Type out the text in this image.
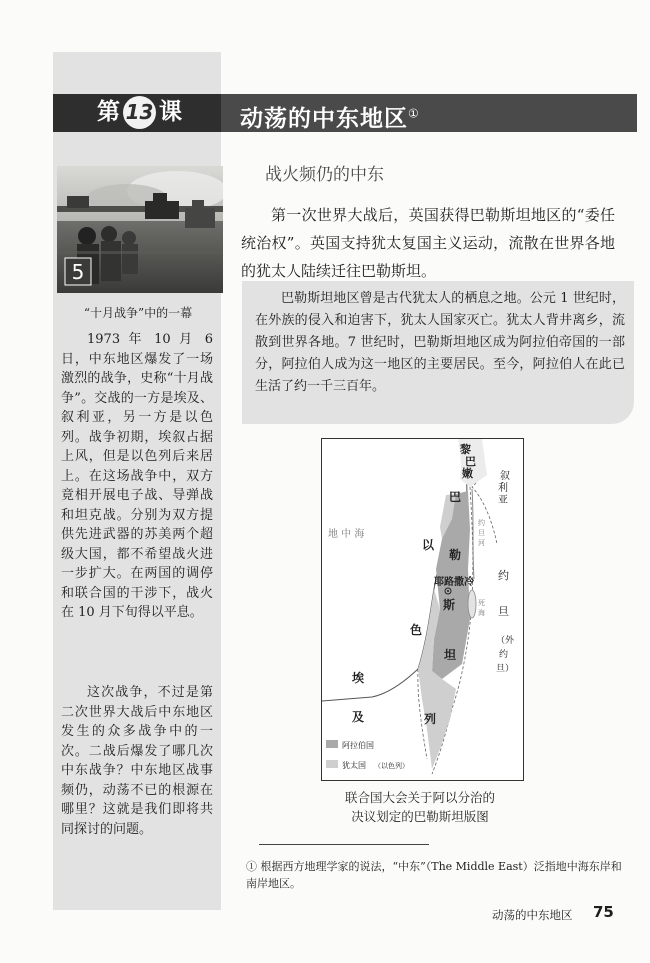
第 13 课	动荡的中东地区①
5
“十月战争”中的一幕

1973 年 10 月 6 日，中东地区爆发了一场激烈的战争，史称“十月战争”。交战的一方是埃及、叙利亚，另一方是以色列。战争初期，埃叙占据上风，但是以色列后来居上。在这场战争中，双方竟相开展电子战、导弹战和坦克战。分别为双方提供先进武器的苏美两个超级大国，都不希望战火进一步扩大。在两国的调停和联合国的干涉下，战火在 10 月下旬得以平息。

这次战争，不过是第二次世界大战后中东地区发生的众多战争中的一次。二战后爆发了哪几次中东战争？中东地区战事频仍，动荡不已的根源在哪里？这就是我们即将共同探讨的问题。

战火频仍的中东

第一次世界大战后，英国获得巴勒斯坦地区的“委任统治权”。英国支持犹太复国主义运动，流散在世界各地的犹太人陆续迁往巴勒斯坦。

巴勒斯坦地区曾是古代犹太人的栖息之地。公元 1 世纪时，在外族的侵入和迫害下，犹太人国家灭亡。犹太人背井离乡，流散到世界各地。7 世纪时，巴勒斯坦地区成为阿拉伯帝国的一部分，阿拉伯人成为这一地区的主要居民。至今，阿拉伯人在此已生活了约一千三百年。

黎
巴
嫩	叙
利
亚
地 中 海
巴
勒
斯
坦
以
色
列
耶路撒冷
约
旦
河
死
海
约
旦
（外
约
旦）
埃
及
阿拉伯国
犹太国 （以色列）
联合国大会关于阿以分治的
决议划定的巴勒斯坦版图

① 根据西方地理学家的说法，“中东”（The Middle East）泛指地中海东岸和南岸地区。

动荡的中东地区 75
